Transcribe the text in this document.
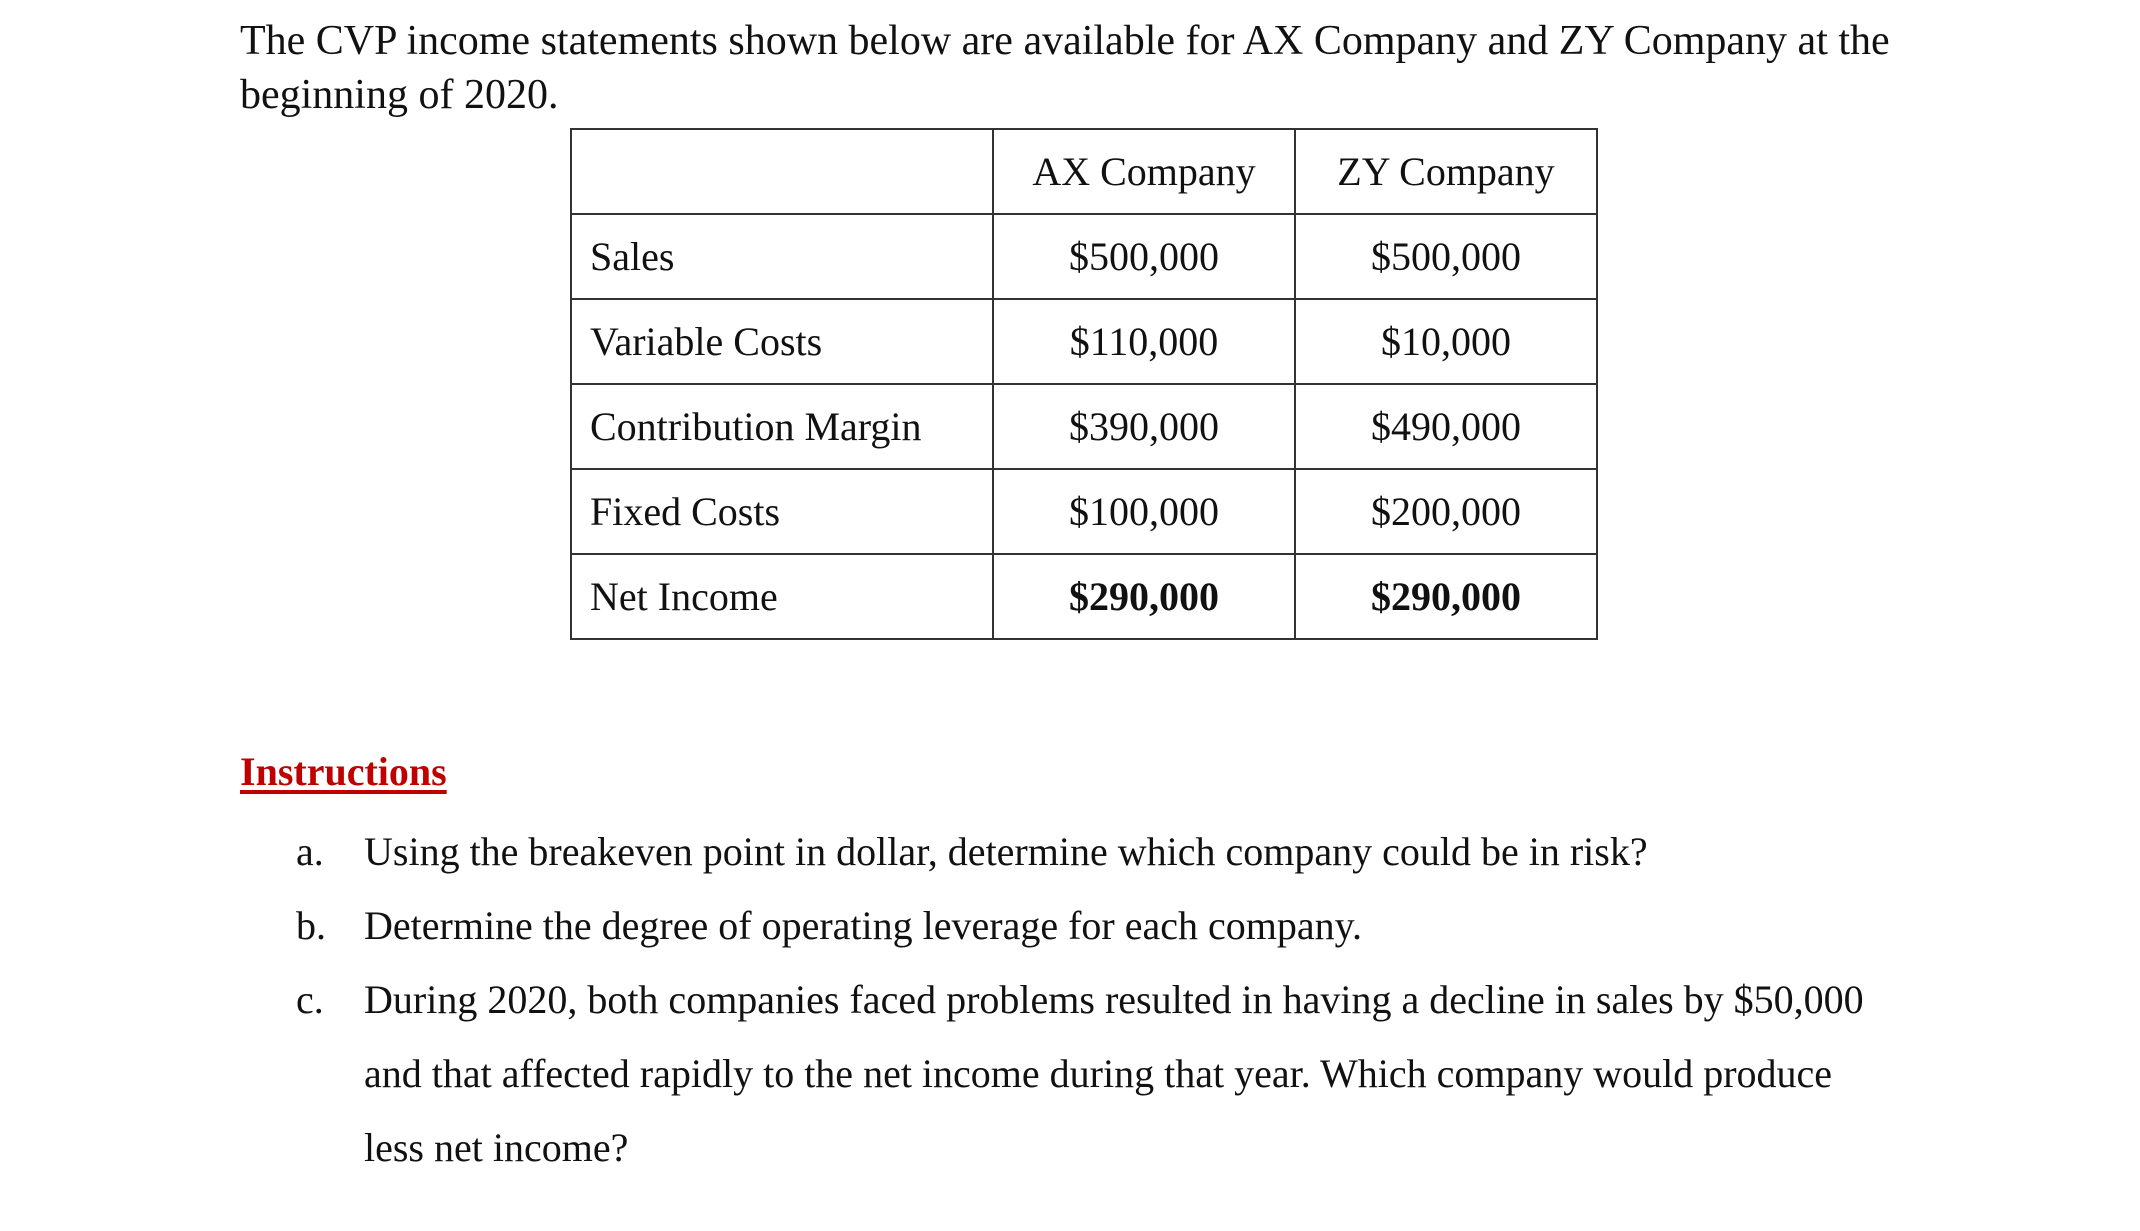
The CVP income statements shown below are available for AX Company and ZY Company at the beginning of 2020.

	AX Company	ZY Company
Sales	$500,000	$500,000
Variable Costs	$110,000	$10,000
Contribution Margin	$390,000	$490,000
Fixed Costs	$100,000	$200,000
Net Income	$290,000	$290,000

Instructions

a. Using the breakeven point in dollar, determine which company could be in risk?
b. Determine the degree of operating leverage for each company.
c. During 2020, both companies faced problems resulted in having a decline in sales by $50,000 and that affected rapidly to the net income during that year. Which company would produce less net income?
